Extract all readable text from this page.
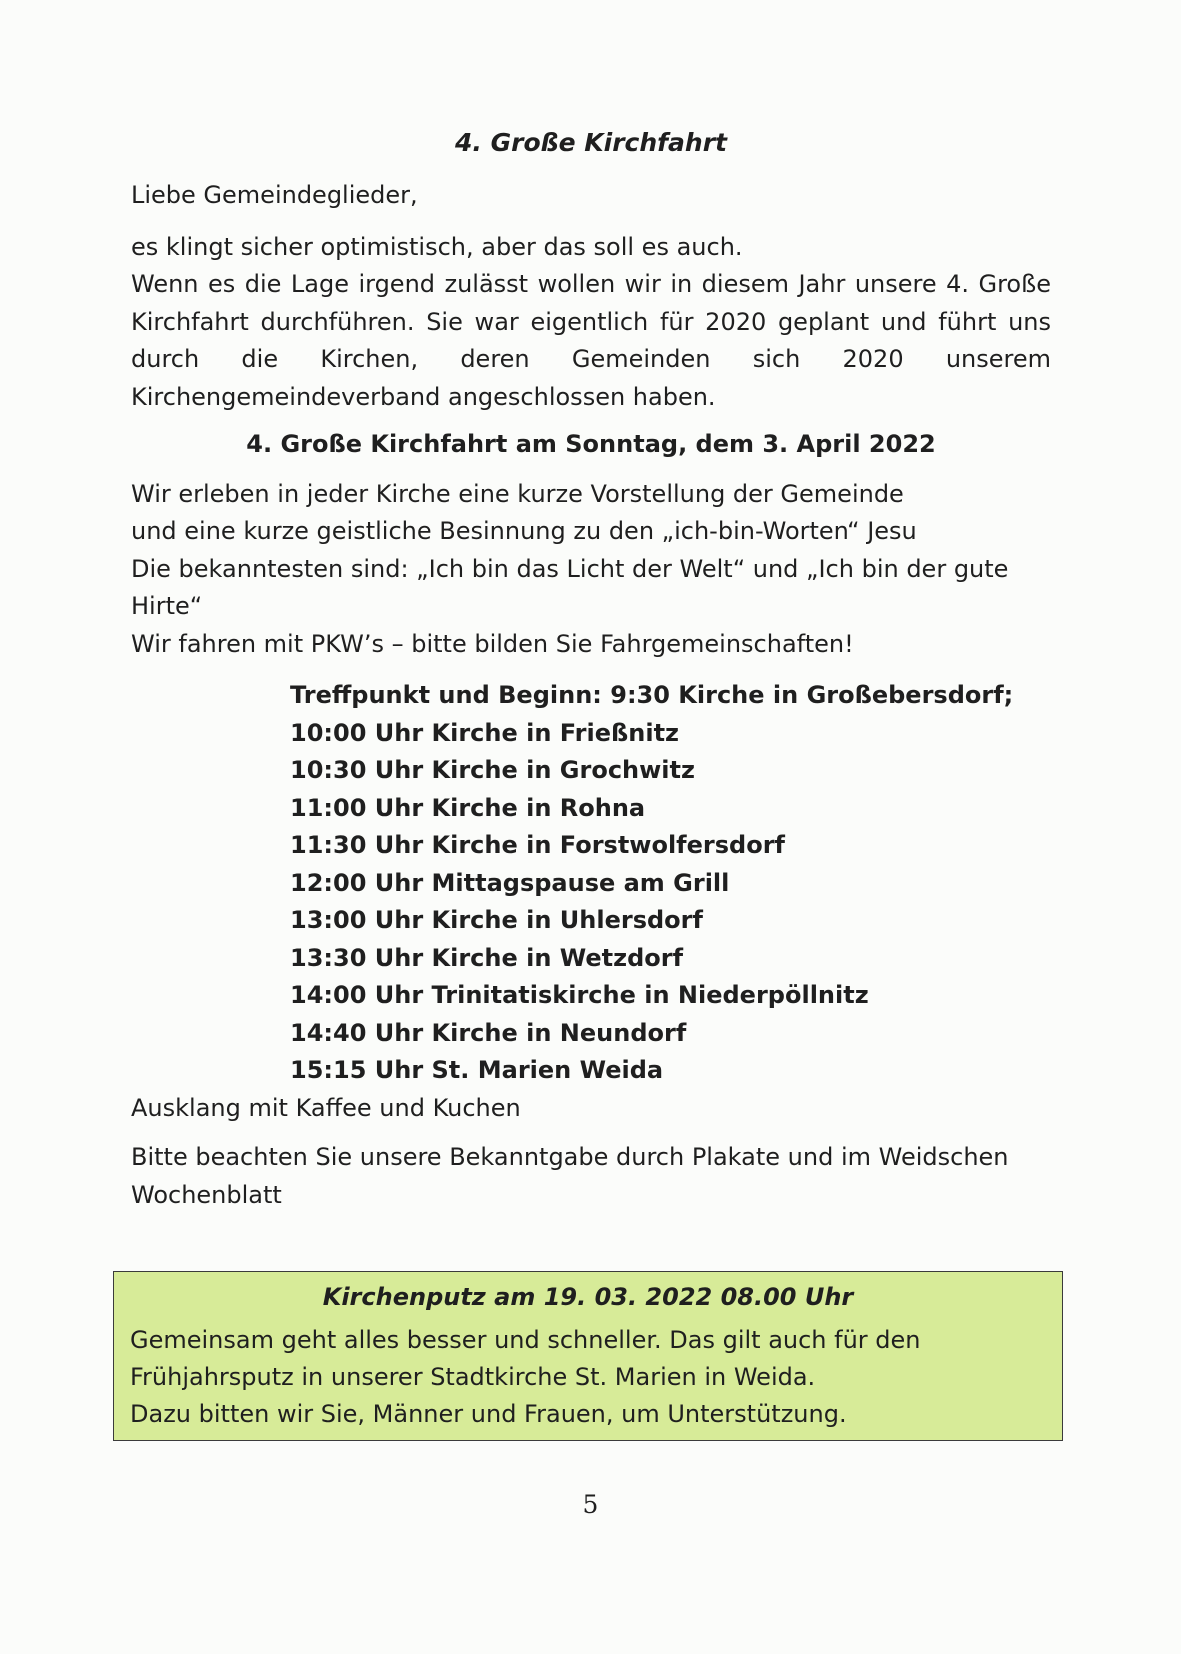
4. Große Kirchfahrt

Liebe Gemeindeglieder,

es klingt sicher optimistisch, aber das soll es auch.

Wenn es die Lage irgend zulässt wollen wir in diesem Jahr unsere 4. Große Kirchfahrt durchführen. Sie war eigentlich für 2020 geplant und führt uns durch die Kirchen, deren Gemeinden sich 2020 unserem Kirchengemeindeverband angeschlossen haben.

4. Große Kirchfahrt am Sonntag, dem 3. April 2022

Wir erleben in jeder Kirche eine kurze Vorstellung der Gemeinde

und eine kurze geistliche Besinnung zu den „ich-bin-Worten“ Jesu

Die bekanntesten sind: „Ich bin das Licht der Welt“ und „Ich bin der gute Hirte“

Wir fahren mit PKW’s – bitte bilden Sie Fahrgemeinschaften!

Treffpunkt und Beginn: 9:30 Kirche in Großebersdorf;
10:00 Uhr Kirche in Frießnitz
10:30 Uhr Kirche in Grochwitz
11:00 Uhr Kirche in Rohna
11:30 Uhr Kirche in Forstwolfersdorf
12:00 Uhr Mittagspause am Grill
13:00 Uhr Kirche in Uhlersdorf
13:30 Uhr Kirche in Wetzdorf
14:00 Uhr Trinitatiskirche in Niederpöllnitz
14:40 Uhr Kirche in Neundorf
15:15 Uhr St. Marien Weida

Ausklang mit Kaffee und Kuchen

Bitte beachten Sie unsere Bekanntgabe durch Plakate und im Weidschen Wochenblatt

Kirchenputz am 19. 03. 2022 08.00 Uhr

Gemeinsam geht alles besser und schneller. Das gilt auch für den

Frühjahrsputz in unserer Stadtkirche St. Marien in Weida.

Dazu bitten wir Sie, Männer und Frauen, um Unterstützung.

5
